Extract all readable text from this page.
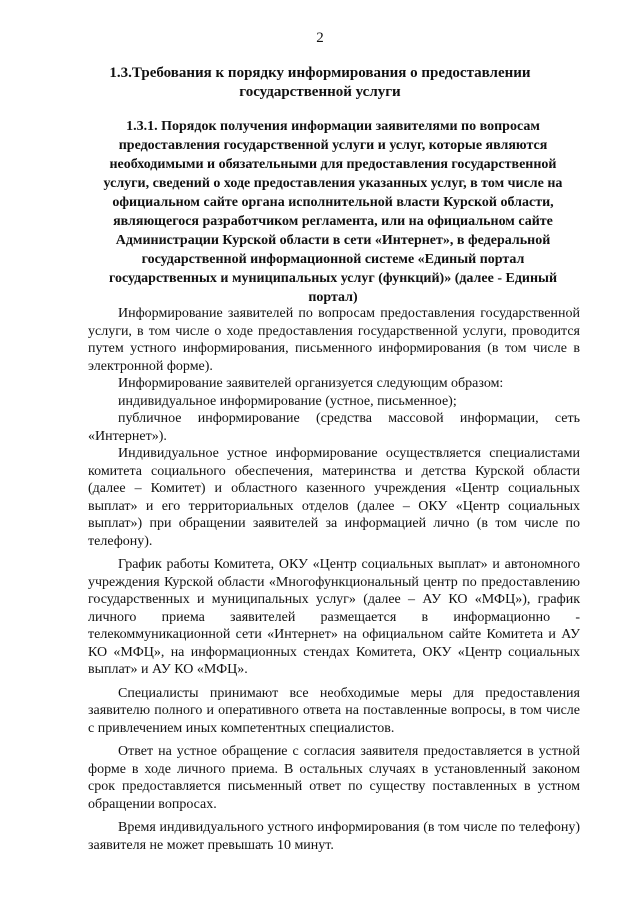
2
1.3.Требования к порядку информирования о предоставлении государственной услуги
1.3.1. Порядок получения информации заявителями по вопросам предоставления государственной услуги и услуг, которые являются необходимыми и обязательными для предоставления государственной услуги, сведений о ходе предоставления указанных услуг, в том числе на официальном сайте органа исполнительной власти Курской области, являющегося разработчиком регламента, или на официальном сайте Администрации Курской области в сети «Интернет», в федеральной государственной информационной системе «Единый портал государственных и муниципальных услуг (функций)» (далее - Единый портал)

Информирование заявителей по вопросам предоставления государственной услуги, в том числе о ходе предоставления государственной услуги, проводится путем устного информирования, письменного информирования (в том числе в электронной форме).

Информирование заявителей организуется следующим образом:

индивидуальное информирование (устное, письменное);

публичное информирование (средства массовой информации, сеть «Интернет»).

Индивидуальное устное информирование осуществляется специалистами комитета социального обеспечения, материнства и детства Курской области (далее – Комитет) и областного казенного учреждения «Центр социальных выплат» и его территориальных отделов (далее – ОКУ «Центр социальных выплат») при обращении заявителей за информацией лично (в том числе по телефону).

График работы Комитета, ОКУ «Центр социальных выплат» и автономного учреждения Курской области «Многофункциональный центр по предоставлению государственных и муниципальных услуг» (далее – АУ КО «МФЦ»), график личного приема заявителей размещается в информационно - телекоммуникационной сети «Интернет» на официальном сайте Комитета и АУ КО «МФЦ», на информационных стендах Комитета, ОКУ «Центр социальных выплат» и АУ КО «МФЦ».

Специалисты принимают все необходимые меры для предоставления заявителю полного и оперативного ответа на поставленные вопросы, в том числе с привлечением иных компетентных специалистов.

Ответ на устное обращение с согласия заявителя предоставляется в устной форме в ходе личного приема. В остальных случаях в установленный законом срок предоставляется письменный ответ по существу поставленных в устном обращении вопросах.

Время индивидуального устного информирования (в том числе по телефону) заявителя не может превышать 10 минут.
